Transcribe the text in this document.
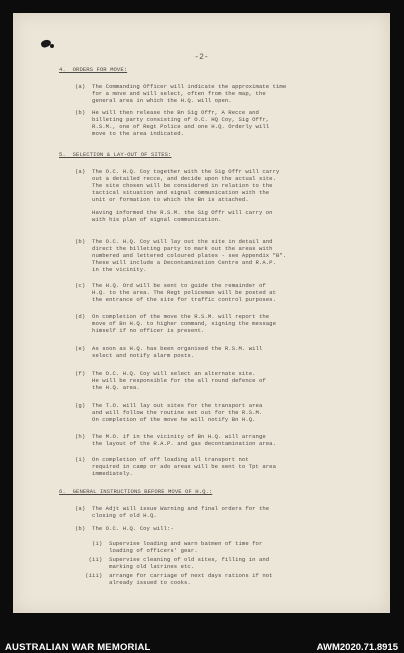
-2-
4.  ORDERS FOR MOVE:
(a)  The Commanding Officer will indicate the approximate time
for a move and will select, often from the map, the
general area in which the H.Q. will open.
(b)  He will then release the Bn Sig Offr, A Recce and
billeting party consisting of O.C. HQ Coy, Sig Offr,
R.S.M., one of Regt Police and one H.Q. Orderly will
move to the area indicated.
5.  SELECTION & LAY-OUT OF SITES:
(a)  The O.C. H.Q. Coy together with the Sig Offr will carry
out a detailed recce, and decide upon the actual site.
The site chosen will be considered in relation to the
tactical situation and signal communication with the
unit or formation to which the Bn is attached.
Having informed the R.S.M. the Sig Offr will carry on
with his plan of signal communication.
(b)  The O.C. H.Q. Coy will lay out the site in detail and
direct the billeting party to mark out the areas with
numbered and lettered coloured plates - see Appendix "B".
These will include a Decontamination Centre and R.A.P.
in the vicinity.
(c)  The H.Q. Ord will be sent to guide the remainder of
H.Q. to the area. The Regt policeman will be posted at
the entrance of the site for traffic control purposes.
(d)  On completion of the move the R.S.M. will report the
move of Bn H.Q. to higher command, signing the message
himself if no officer is present.
(e)  As soon as H.Q. has been organised the R.S.M. will
select and notify alarm posts.
(f)  The O.C. H.Q. Coy will select an alternate site.
He will be responsible for the all round defence of
the H.Q. area.
(g)  The T.O. will lay out sites for the transport area
and will follow the routine set out for the R.S.M.
On completion of the move he will notify Bn H.Q.
(h)  The M.O. if in the vicinity of Bn H.Q. will arrange
the layout of the R.A.P. and gas decontamination area.
(i)  On completion of off loading all transport not
required in camp or ado areas will be sent to Tpt area
immediately.
6.  GENERAL INSTRUCTIONS BEFORE MOVE OF H.Q.:
(a)  The Adjt will issue Warning and final orders for the
closing of old H.Q.
(b)  The O.C. H.Q. Coy will:-
(i)  Supervise loading and warn batmen of time for
loading of officers' gear.
(ii)  Supervise cleaning of old sites, filling in and
marking old latrines etc.
(iii)  arrange for carriage of next days rations if not
already issued to cooks.
AUSTRALIAN WAR MEMORIAL	AWM2020.71.8915
